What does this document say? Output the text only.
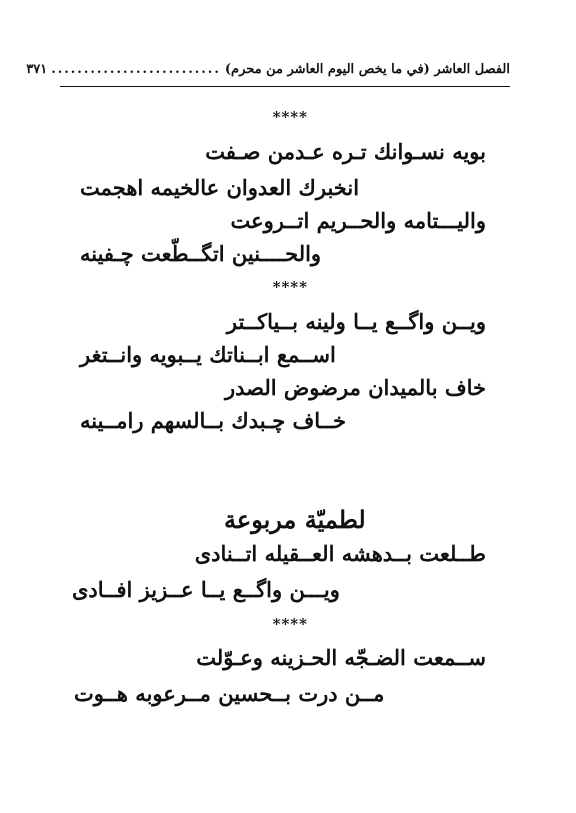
الفصل العاشر (في ما يخص اليوم العاشر من محرم)
..........................
٣٧١
****
بويه نسـوانك تـره عـدمن صـفت
انخبرك العدوان عالخيمه اهجمت
واليـــتامه والحــريم اتــروعت
والحــــنين اتگــطّعت چـفينه
****
ويــن واگــع يــا ولينه بــياكــتر
اســمع ابــناتك يــبويه وانــتغر
خاف بالميدان مرضوض الصدر
خــاف چـبدك بــالسهم رامــينه
لطميّة مربوعة
طــلعت بــدهشه العــقيله اتــنادى
ويـــن واگــع يــا عــزيز افــادى
****
ســمعت الضـجّه الحـزينه وعـوّلت
مــن درت بــحسين مــرعوبه هــوت
